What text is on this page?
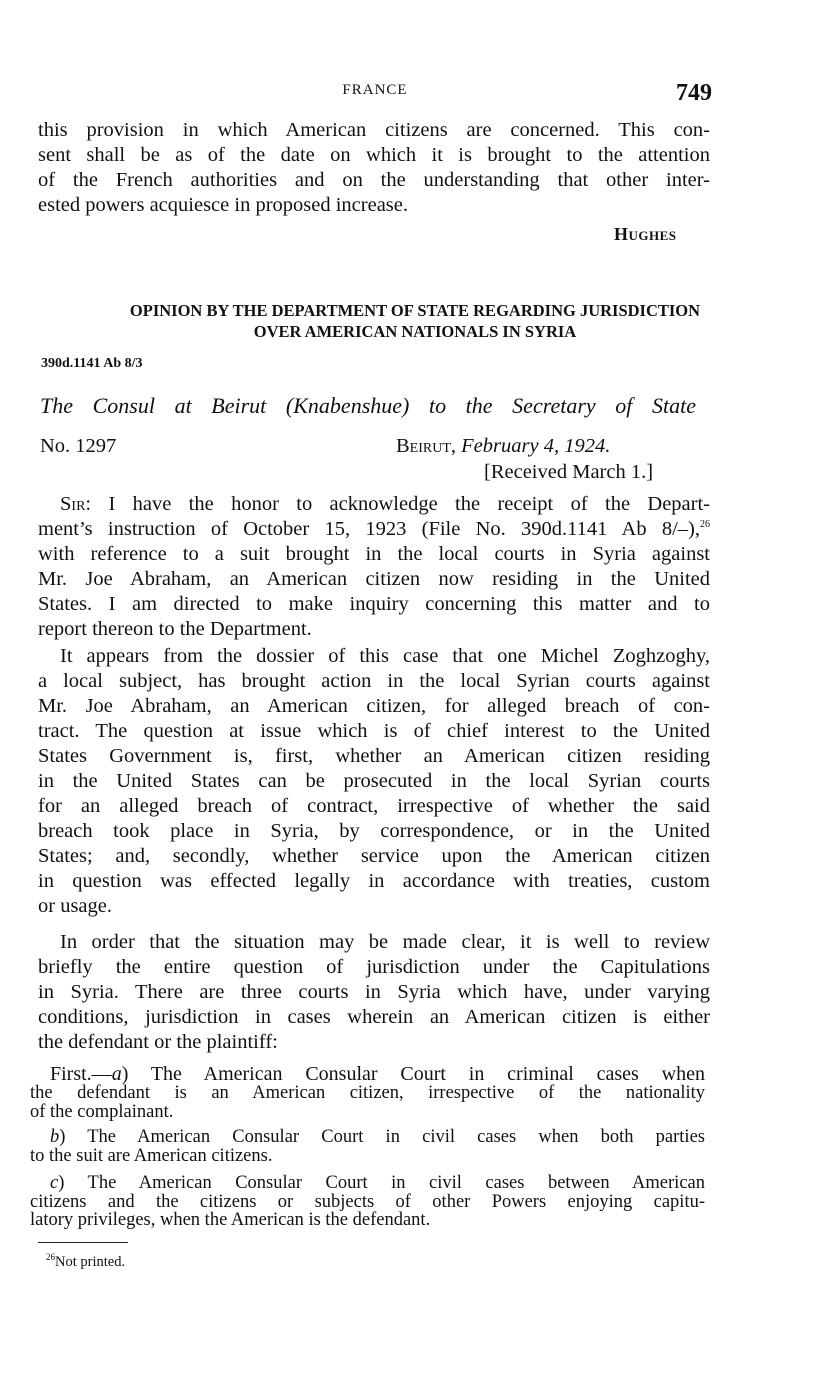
FRANCE	749

this provision in which American citizens are concerned. This con-

sent shall be as of the date on which it is brought to the attention

of the French authorities and on the understanding that other inter-

ested powers acquiesce in proposed increase.

Hughes
OPINION BY THE DEPARTMENT OF STATE REGARDING JURISDICTION
OVER AMERICAN NATIONALS IN SYRIA
390d.1141 Ab 8/3
The Consul at Beirut (Knabenshue) to the Secretary of State
No. 1297	Beirut, February 4, 1924.
[Received March 1.]

Sir: I have the honor to acknowledge the receipt of the Depart-

ment’s instruction of October 15, 1923 (File No. 390d.1141 Ab 8/–),$^{26}$

with reference to a suit brought in the local courts in Syria against

Mr. Joe Abraham, an American citizen now residing in the United

States. I am directed to make inquiry concerning this matter and to

report thereon to the Department.

It appears from the dossier of this case that one Michel Zoghzoghy,

a local subject, has brought action in the local Syrian courts against

Mr. Joe Abraham, an American citizen, for alleged breach of con-

tract. The question at issue which is of chief interest to the United

States Government is, first, whether an American citizen residing

in the United States can be prosecuted in the local Syrian courts

for an alleged breach of contract, irrespective of whether the said

breach took place in Syria, by correspondence, or in the United

States; and, secondly, whether service upon the American citizen

in question was effected legally in accordance with treaties, custom

or usage.

In order that the situation may be made clear, it is well to review

briefly the entire question of jurisdiction under the Capitulations

in Syria. There are three courts in Syria which have, under varying

conditions, jurisdiction in cases wherein an American citizen is either

the defendant or the plaintiff:

First.—a) The American Consular Court in criminal cases when

the defendant is an American citizen, irrespective of the nationality

of the complainant.

b) The American Consular Court in civil cases when both parties

to the suit are American citizens.

c) The American Consular Court in civil cases between American

citizens and the citizens or subjects of other Powers enjoying capitu-

latory privileges, when the American is the defendant.

$^{26}$Not printed.
